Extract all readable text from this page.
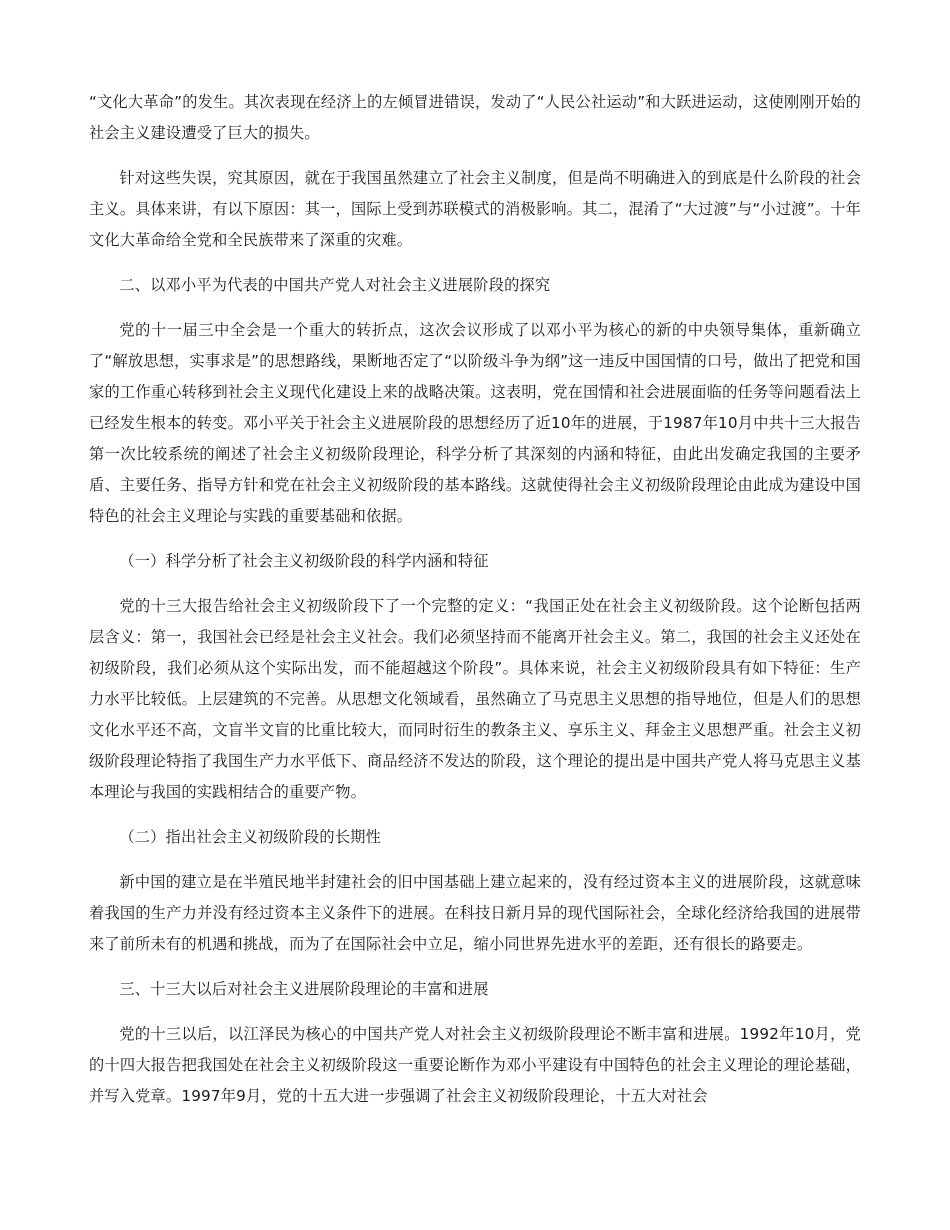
“文化大革命”的发生。其次表现在经济上的左倾冒进错误，发动了“人民公社运动”和大跃进运动，这使刚刚开始的社会主义建设遭受了巨大的损失。

针对这些失误，究其原因，就在于我国虽然建立了社会主义制度，但是尚不明确进入的到底是什么阶段的社会主义。具体来讲，有以下原因：其一，国际上受到苏联模式的消极影响。其二，混淆了“大过渡”与“小过渡”。十年文化大革命给全党和全民族带来了深重的灾难。

二、以邓小平为代表的中国共产党人对社会主义进展阶段的探究

党的十一届三中全会是一个重大的转折点，这次会议形成了以邓小平为核心的新的中央领导集体，重新确立了“解放思想，实事求是”的思想路线，果断地否定了“以阶级斗争为纲”这一违反中国国情的口号，做出了把党和国家的工作重心转移到社会主义现代化建设上来的战略决策。这表明，党在国情和社会进展面临的任务等问题看法上已经发生根本的转变。邓小平关于社会主义进展阶段的思想经历了近10年的进展，于1987年10月中共十三大报告第一次比较系统的阐述了社会主义初级阶段理论，科学分析了其深刻的内涵和特征，由此出发确定我国的主要矛盾、主要任务、指导方针和党在社会主义初级阶段的基本路线。这就使得社会主义初级阶段理论由此成为建设中国特色的社会主义理论与实践的重要基础和依据。

（一）科学分析了社会主义初级阶段的科学内涵和特征

党的十三大报告给社会主义初级阶段下了一个完整的定义：“我国正处在社会主义初级阶段。这个论断包括两层含义：第一，我国社会已经是社会主义社会。我们必须坚持而不能离开社会主义。第二，我国的社会主义还处在初级阶段，我们必须从这个实际出发，而不能超越这个阶段”。具体来说，社会主义初级阶段具有如下特征：生产力水平比较低。上层建筑的不完善。从思想文化领域看，虽然确立了马克思主义思想的指导地位，但是人们的思想文化水平还不高，文盲半文盲的比重比较大，而同时衍生的教条主义、享乐主义、拜金主义思想严重。社会主义初级阶段理论特指了我国生产力水平低下、商品经济不发达的阶段，这个理论的提出是中国共产党人将马克思主义基本理论与我国的实践相结合的重要产物。

（二）指出社会主义初级阶段的长期性

新中国的建立是在半殖民地半封建社会的旧中国基础上建立起来的，没有经过资本主义的进展阶段，这就意味着我国的生产力并没有经过资本主义条件下的进展。在科技日新月异的现代国际社会，全球化经济给我国的进展带来了前所未有的机遇和挑战，而为了在国际社会中立足，缩小同世界先进水平的差距，还有很长的路要走。

三、十三大以后对社会主义进展阶段理论的丰富和进展

党的十三以后，以江泽民为核心的中国共产党人对社会主义初级阶段理论不断丰富和进展。1992年10月，党的十四大报告把我国处在社会主义初级阶段这一重要论断作为邓小平建设有中国特色的社会主义理论的理论基础，并写入党章。1997年9月，党的十五大进一步强调了社会主义初级阶段理论，十五大对社会
